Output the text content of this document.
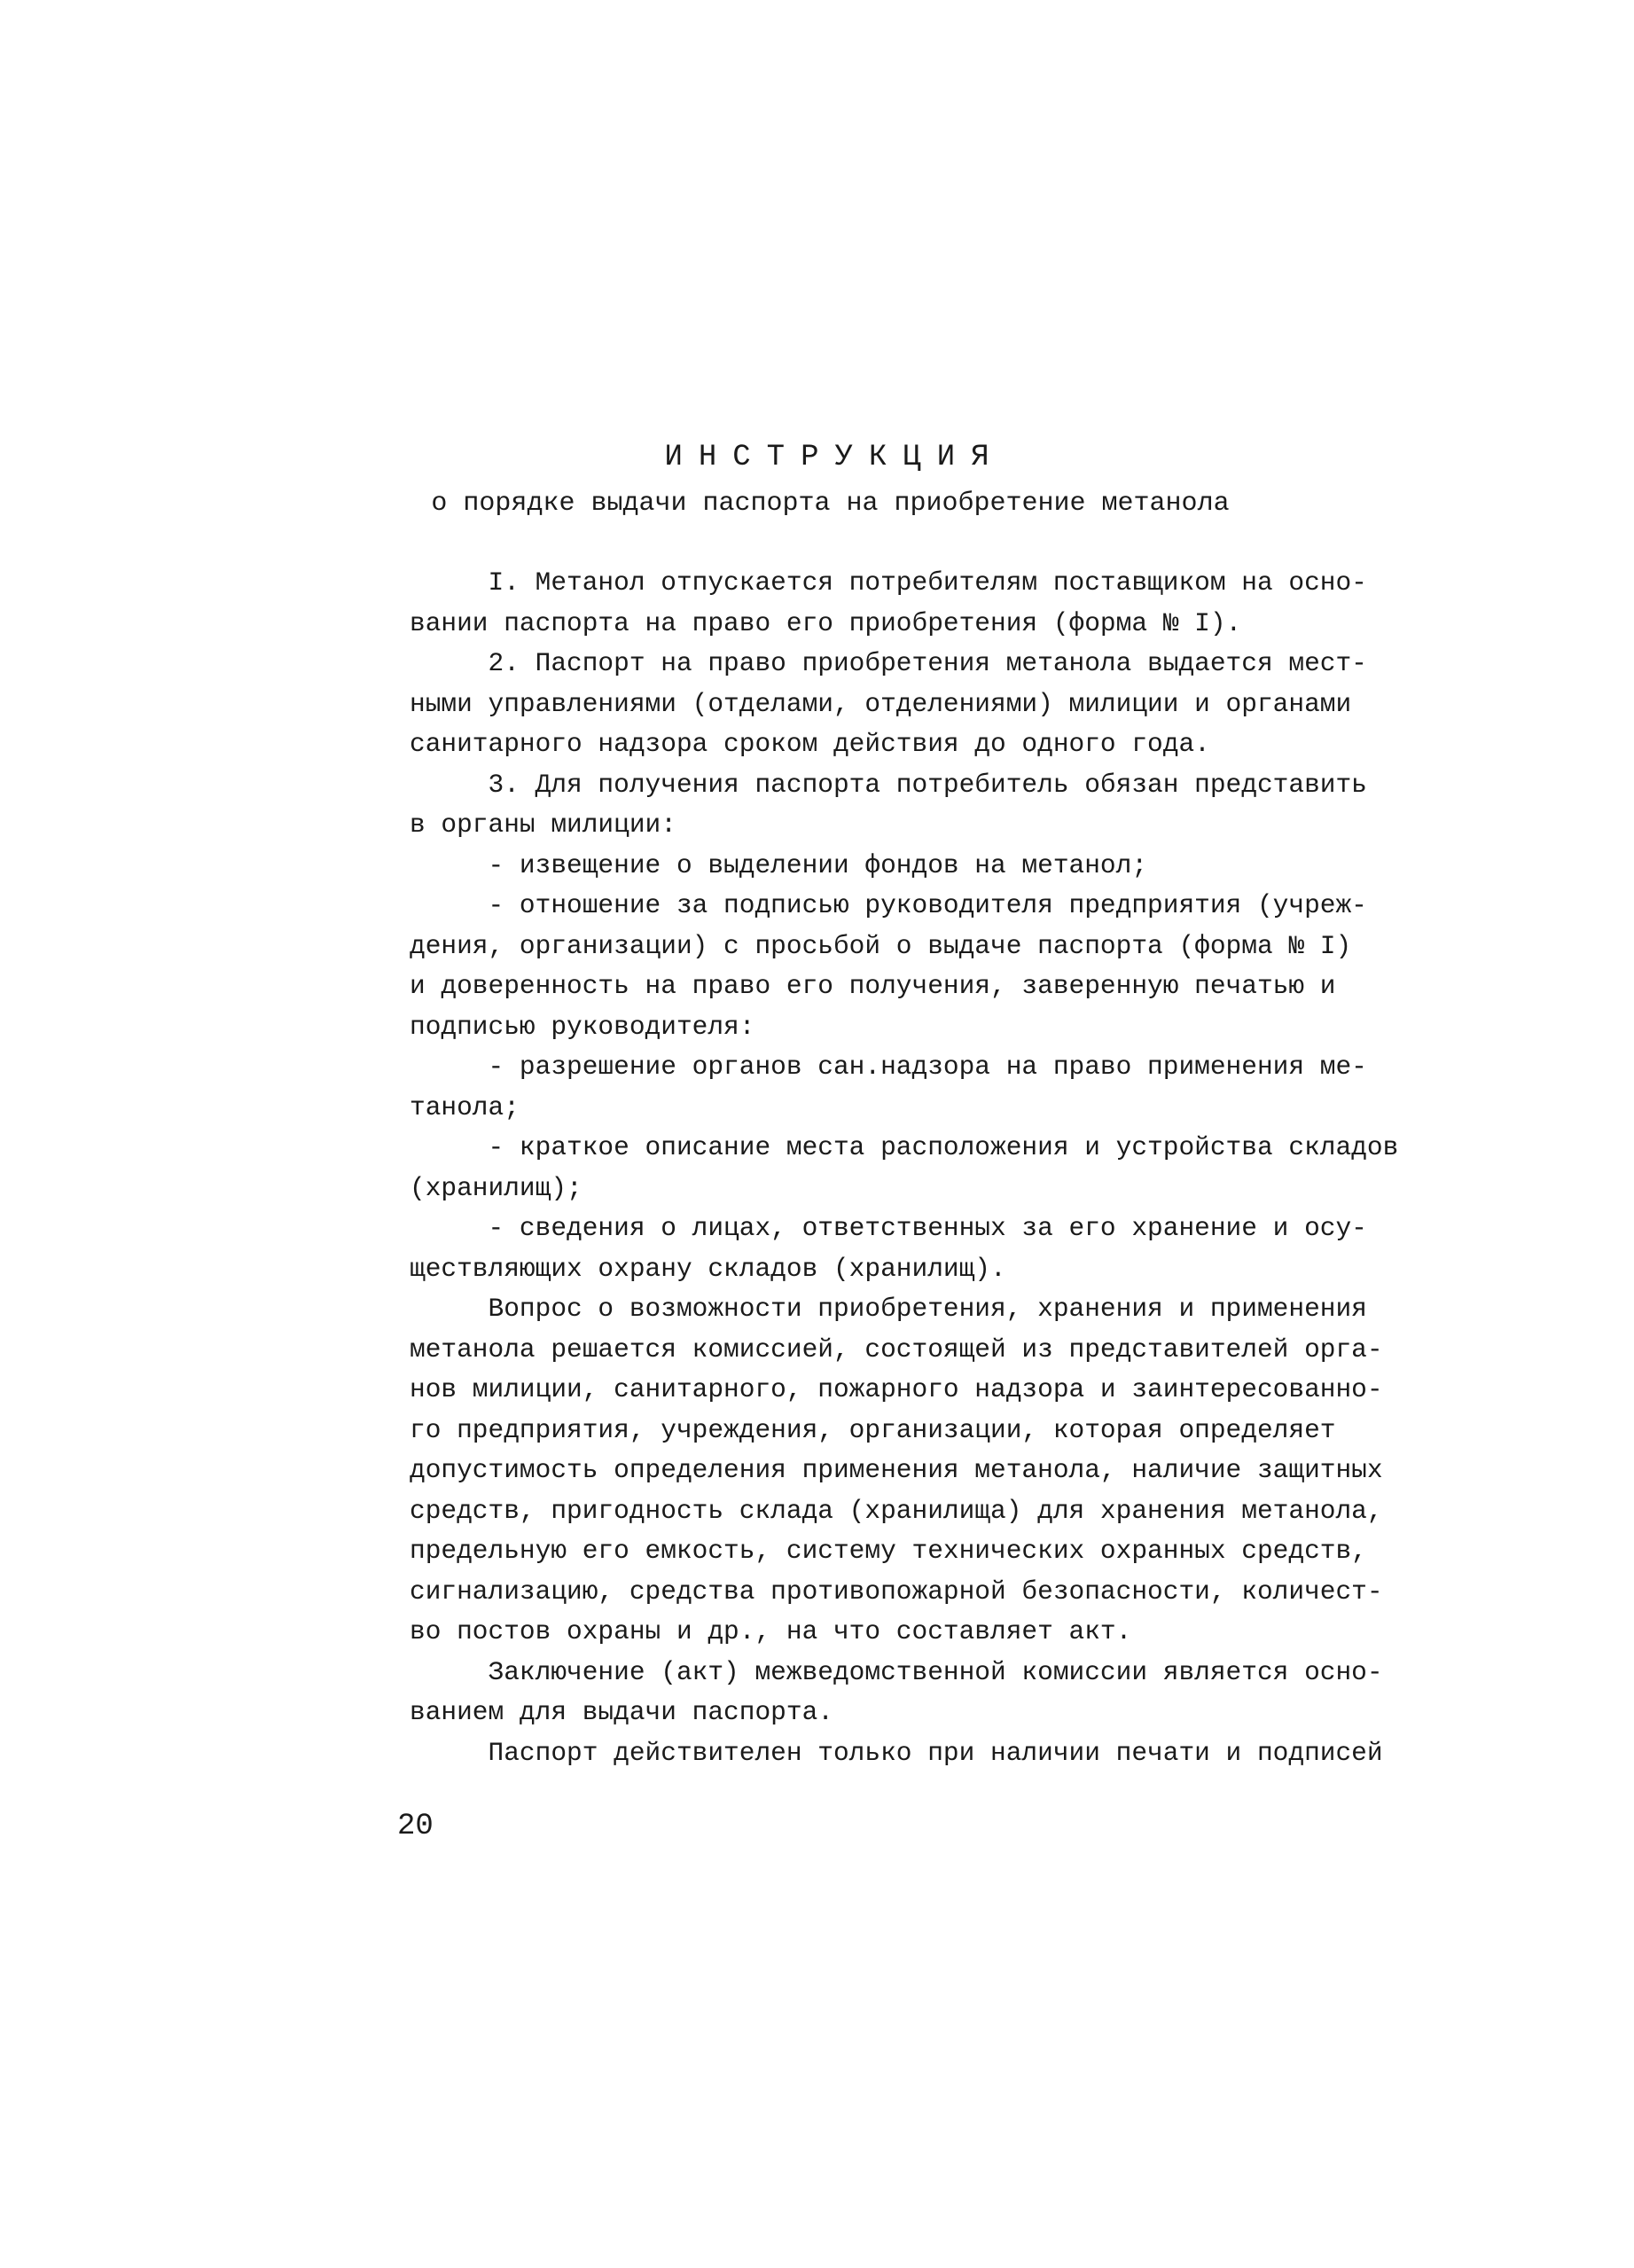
ИНСТРУКЦИЯ
о порядке выдачи паспорта на приобретение метанола
I. Метанол отпускается потребителям поставщиком на осно-
вании паспорта на право его приобретения (форма № I).
2. Паспорт на право приобретения метанола выдается мест-
ными управлениями (отделами, отделениями) милиции и органами
санитарного надзора сроком действия до одного года.
3. Для получения паспорта потребитель обязан представить
в органы милиции:
- извещение о выделении фондов на метанол;
- отношение за подписью руководителя предприятия (учреж-
дения, организации) с просьбой о выдаче паспорта (форма № I)
и доверенность на право его получения, заверенную печатью и
подписью руководителя:
- разрешение органов сан.надзора на право применения ме-
танола;
- краткое описание места расположения и устройства складов
(хранилищ);
- сведения о лицах, ответственных за его хранение и осу-
ществляющих охрану складов (хранилищ).
Вопрос о возможности приобретения, хранения и применения
метанола решается комиссией, состоящей из представителей орга-
нов милиции, санитарного, пожарного надзора и заинтересованно-
го предприятия, учреждения, организации, которая определяет
допустимость определения применения метанола, наличие защитных
средств, пригодность склада (хранилища) для хранения метанола,
предельную его емкость, систему технических охранных средств,
сигнализацию, средства противопожарной безопасности, количест-
во постов охраны и др., на что составляет акт.
Заключение (акт) межведомственной комиссии является осно-
ванием для выдачи паспорта.
Паспорт действителен только при наличии печати и подписей
20
